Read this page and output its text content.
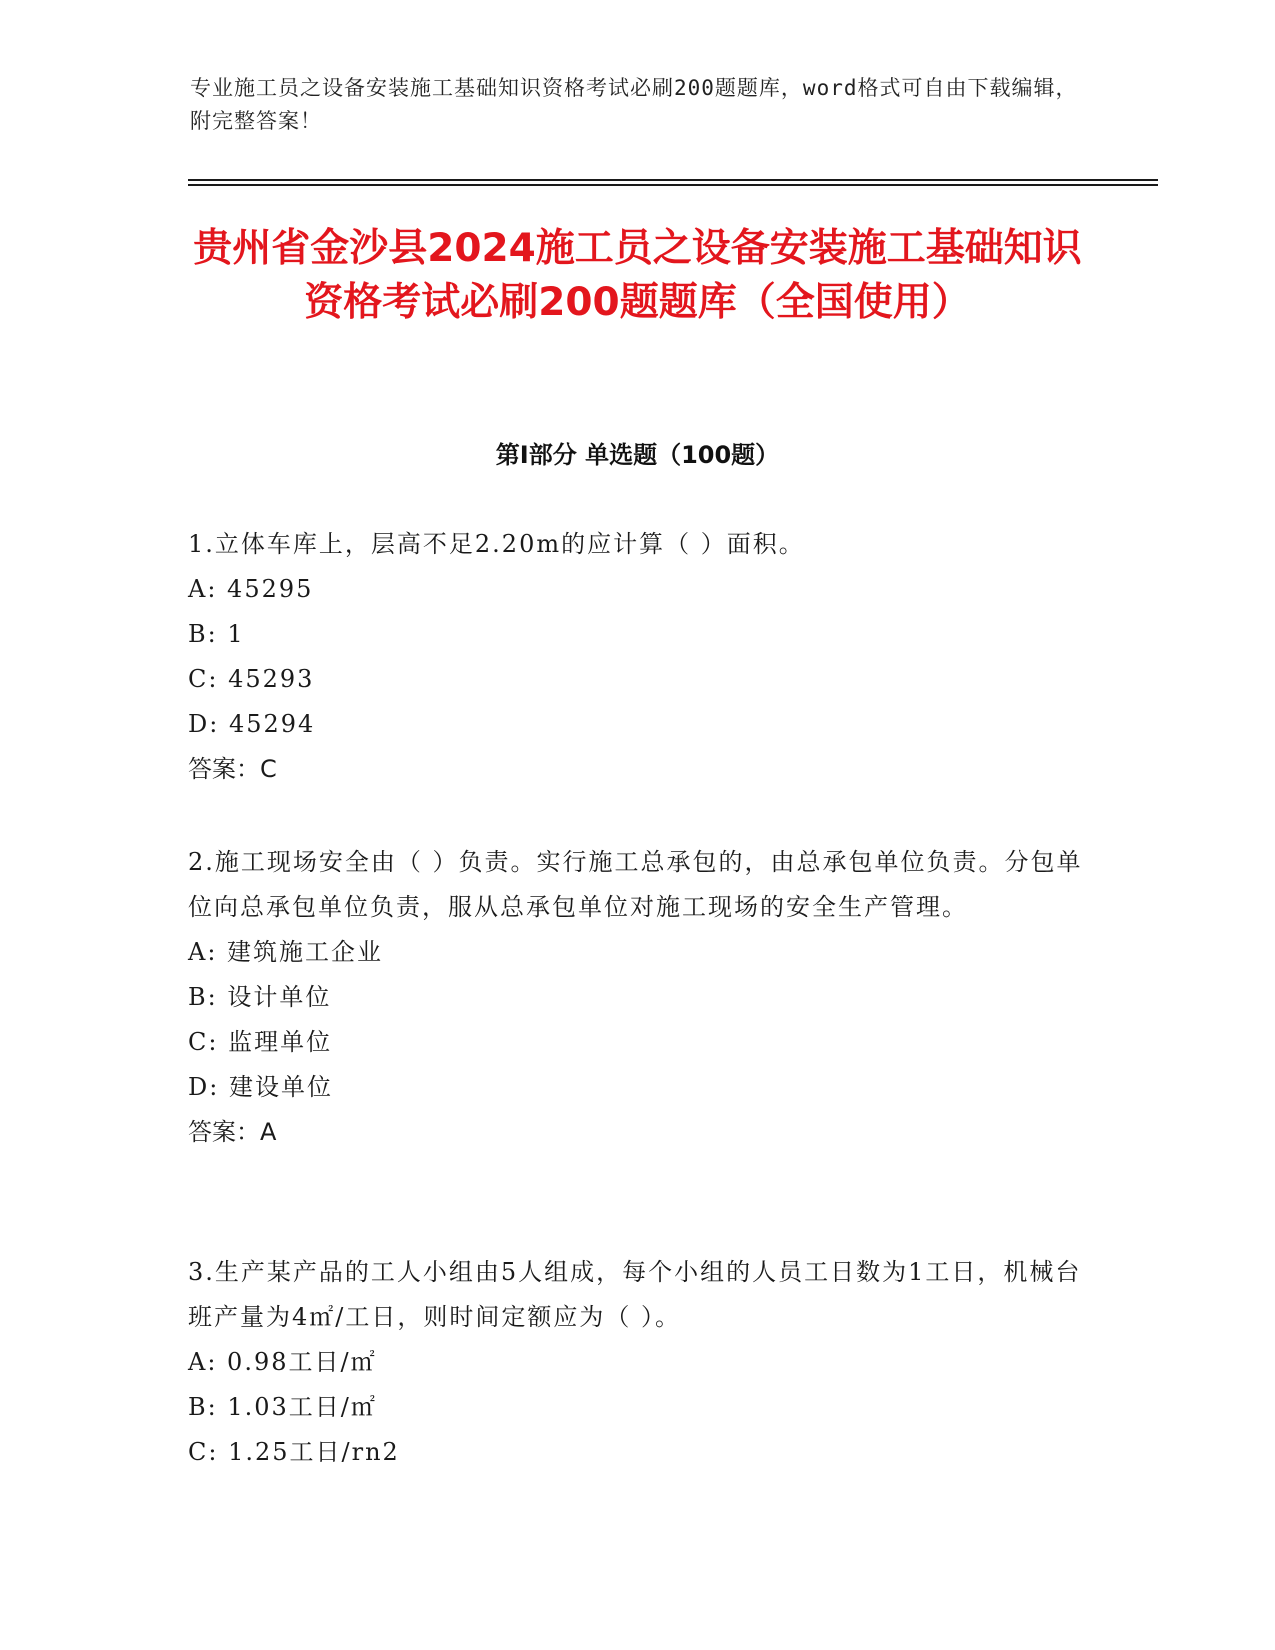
专业施工员之设备安装施工基础知识资格考试必刷200题题库，word格式可自由下载编辑，附完整答案！
贵州省金沙县2024施工员之设备安装施工基础知识资格考试必刷200题题库（全国使用）
第I部分 单选题（100题）
1.立体车库上，层高不足2.20m的应计算（ ）面积。
A: 45295
B: 1
C: 45293
D: 45294
答案：C
2.施工现场安全由（ ）负责。实行施工总承包的，由总承包单位负责。分包单位向总承包单位负责，服从总承包单位对施工现场的安全生产管理。
A: 建筑施工企业
B: 设计单位
C: 监理单位
D: 建设单位
答案：A
3.生产某产品的工人小组由5人组成，每个小组的人员工日数为1工日，机械台班产量为4㎡/工日，则时间定额应为（ ）。
A: 0.98工日/㎡
B: 1.03工日/㎡
C: 1.25工日/rn2
